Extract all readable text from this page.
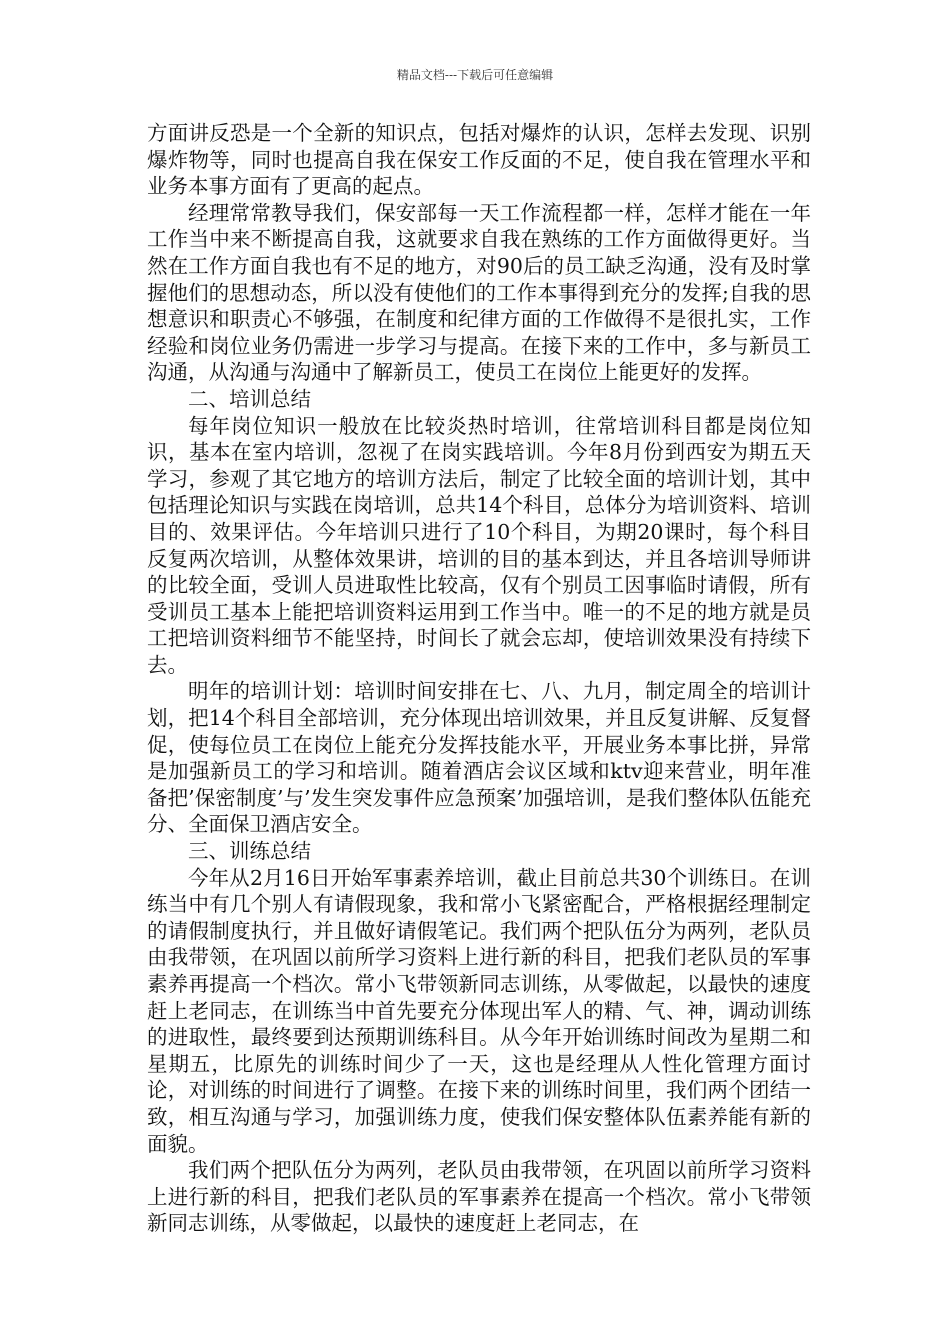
精品文档---下载后可任意编辑

方面讲反恐是一个全新的知识点，包括对爆炸的认识，怎样去发现、识别爆炸物等，同时也提高自我在保安工作反面的不足，使自我在管理水平和业务本事方面有了更高的起点。

经理常常教导我们，保安部每一天工作流程都一样，怎样才能在一年工作当中来不断提高自我，这就要求自我在熟练的工作方面做得更好。当然在工作方面自我也有不足的地方，对90后的员工缺乏沟通，没有及时掌握他们的思想动态，所以没有使他们的工作本事得到充分的发挥;自我的思想意识和职责心不够强，在制度和纪律方面的工作做得不是很扎实，工作经验和岗位业务仍需进一步学习与提高。在接下来的工作中，多与新员工沟通，从沟通与沟通中了解新员工，使员工在岗位上能更好的发挥。

二、培训总结

每年岗位知识一般放在比较炎热时培训，往常培训科目都是岗位知识，基本在室内培训，忽视了在岗实践培训。今年8月份到西安为期五天学习，参观了其它地方的培训方法后，制定了比较全面的培训计划，其中包括理论知识与实践在岗培训，总共14个科目，总体分为培训资料、培训目的、效果评估。今年培训只进行了10个科目，为期20课时，每个科目反复两次培训，从整体效果讲，培训的目的基本到达，并且各培训导师讲的比较全面，受训人员进取性比较高，仅有个别员工因事临时请假，所有受训员工基本上能把培训资料运用到工作当中。唯一的不足的地方就是员工把培训资料细节不能坚持，时间长了就会忘却，使培训效果没有持续下去。

明年的培训计划：培训时间安排在七、八、九月，制定周全的培训计划，把14个科目全部培训，充分体现出培训效果，并且反复讲解、反复督促，使每位员工在岗位上能充分发挥技能水平，开展业务本事比拼，异常是加强新员工的学习和培训。随着酒店会议区域和ktv迎来营业，明年准备把’保密制度’与’发生突发事件应急预案’加强培训，是我们整体队伍能充分、全面保卫酒店安全。

三、训练总结

今年从2月16日开始军事素养培训，截止目前总共30个训练日。在训练当中有几个别人有请假现象，我和常小飞紧密配合，严格根据经理制定的请假制度执行，并且做好请假笔记。我们两个把队伍分为两列，老队员由我带领，在巩固以前所学习资料上进行新的科目，把我们老队员的军事素养再提高一个档次。常小飞带领新同志训练，从零做起，以最快的速度赶上老同志，在训练当中首先要充分体现出军人的精、气、神，调动训练的进取性，最终要到达预期训练科目。从今年开始训练时间改为星期二和星期五，比原先的训练时间少了一天，这也是经理从人性化管理方面讨论，对训练的时间进行了调整。在接下来的训练时间里，我们两个团结一致，相互沟通与学习，加强训练力度，使我们保安整体队伍素养能有新的面貌。

我们两个把队伍分为两列，老队员由我带领，在巩固以前所学习资料上进行新的科目，把我们老队员的军事素养在提高一个档次。常小飞带领新同志训练，从零做起，以最快的速度赶上老同志，在
